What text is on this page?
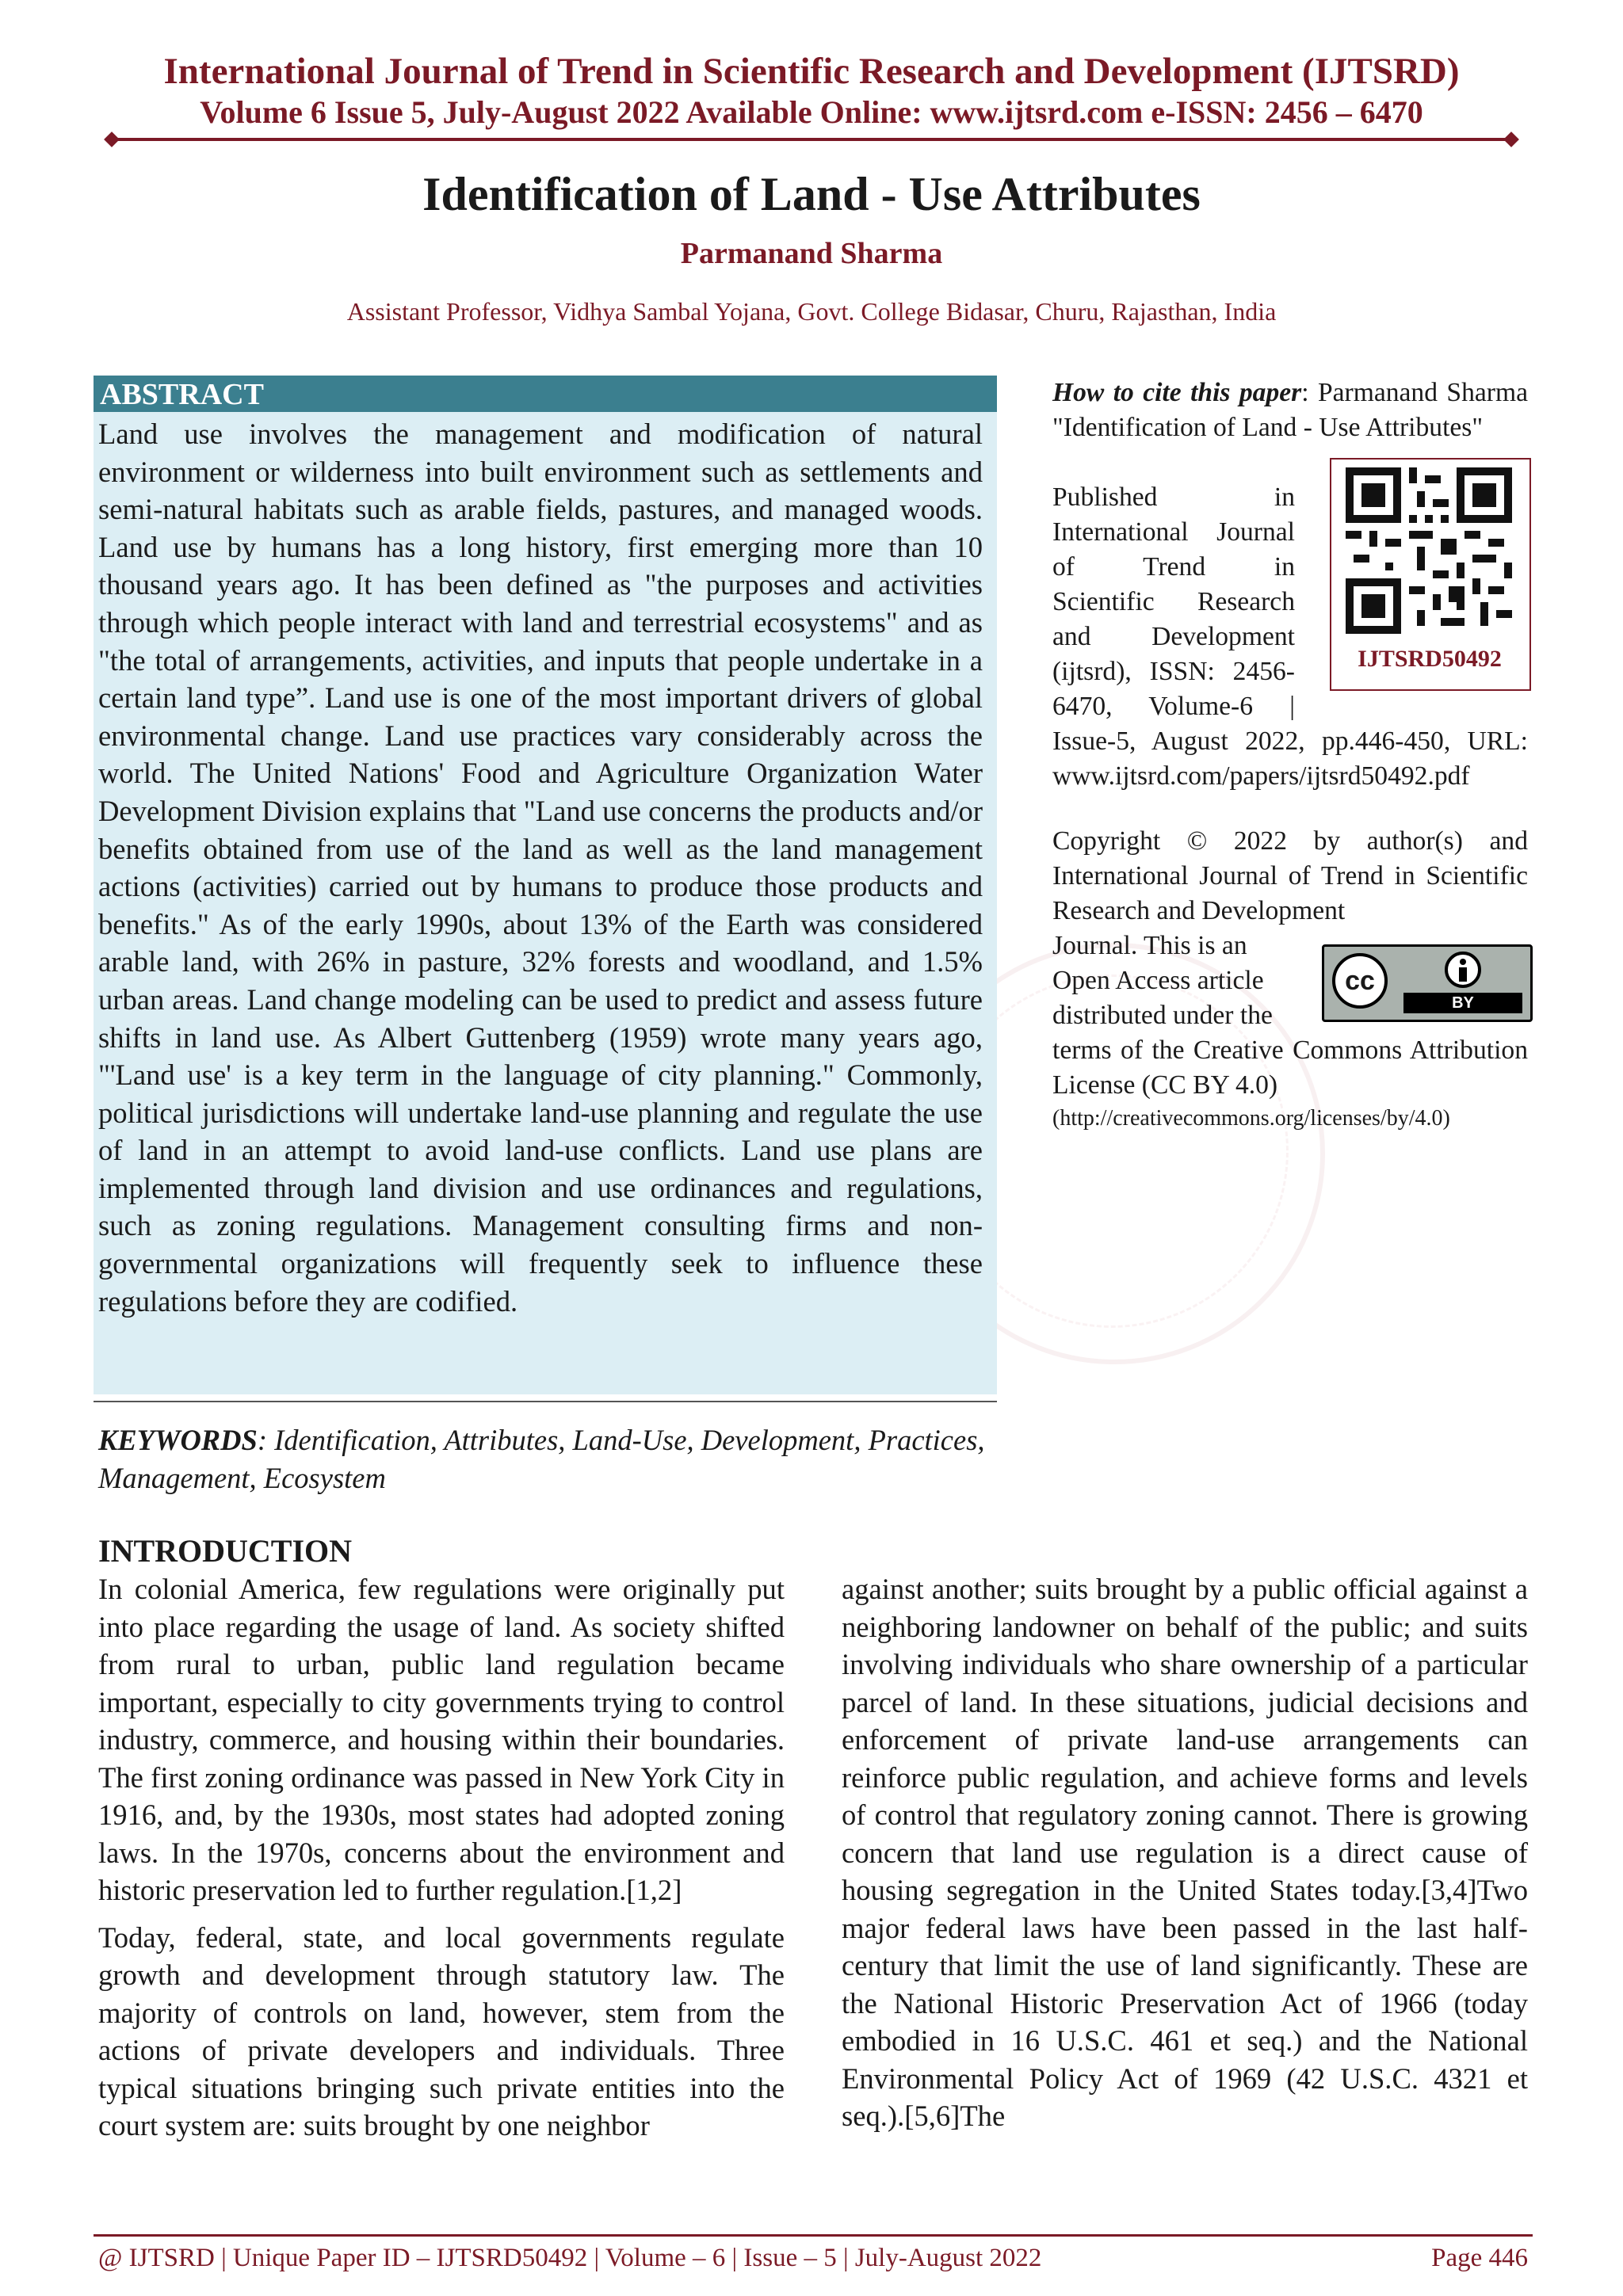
International Journal of Trend in Scientific Research and Development (IJTSRD)
Volume 6 Issue 5, July-August 2022 Available Online: www.ijtsrd.com e-ISSN: 2456 – 6470
Identification of Land - Use Attributes
Parmanand Sharma
Assistant Professor, Vidhya Sambal Yojana, Govt. College Bidasar, Churu, Rajasthan, India
ABSTRACT
Land use involves the management and modification of natural environment or wilderness into built environment such as settlements and semi-natural habitats such as arable fields, pastures, and managed woods. Land use by humans has a long history, first emerging more than 10 thousand years ago. It has been defined as "the purposes and activities through which people interact with land and terrestrial ecosystems" and as "the total of arrangements, activities, and inputs that people undertake in a certain land type”. Land use is one of the most important drivers of global environmental change. Land use practices vary considerably across the world. The United Nations' Food and Agriculture Organization Water Development Division explains that "Land use concerns the products and/or benefits obtained from use of the land as well as the land management actions (activities) carried out by humans to produce those products and benefits." As of the early 1990s, about 13% of the Earth was considered arable land, with 26% in pasture, 32% forests and woodland, and 1.5% urban areas. Land change modeling can be used to predict and assess future shifts in land use. As Albert Guttenberg (1959) wrote many years ago, "'Land use' is a key term in the language of city planning." Commonly, political jurisdictions will undertake land-use planning and regulate the use of land in an attempt to avoid land-use conflicts. Land use plans are implemented through land division and use ordinances and regulations, such as zoning regulations. Management consulting firms and non-governmental organizations will frequently seek to influence these regulations before they are codified.
KEYWORDS: Identification, Attributes, Land-Use, Development, Practices, Management, Ecosystem
How to cite this paper: Parmanand Sharma "Identification of Land - Use Attributes"
Published in
International Journal
of Trend in
Scientific Research
and Development
(ijtsrd), ISSN: 2456-
6470, Volume-6 |
Issue-5, August 2022, pp.446-450, URL: www.ijtsrd.com/papers/ijtsrd50492.pdf
IJTSRD50492
Copyright © 2022 by author(s) and International Journal of Trend in Scientific Research and Development
Journal. This is an
Open Access article
distributed under the
cc
BY
terms of the Creative Commons Attribution License (CC BY 4.0)
(http://creativecommons.org/licenses/by/4.0)
INTRODUCTION

In colonial America, few regulations were originally put into place regarding the usage of land. As society shifted from rural to urban, public land regulation became important, especially to city governments trying to control industry, commerce, and housing within their boundaries. The first zoning ordinance was passed in New York City in 1916, and, by the 1930s, most states had adopted zoning laws. In the 1970s, concerns about the environment and historic preservation led to further regulation.[1,2]

Today, federal, state, and local governments regulate growth and development through statutory law. The majority of controls on land, however, stem from the actions of private developers and individuals. Three typical situations bringing such private entities into the court system are: suits brought by one neighbor

against another; suits brought by a public official against a neighboring landowner on behalf of the public; and suits involving individuals who share ownership of a particular parcel of land. In these situations, judicial decisions and enforcement of private land-use arrangements can reinforce public regulation, and achieve forms and levels of control that regulatory zoning cannot. There is growing concern that land use regulation is a direct cause of housing segregation in the United States today.[3,4]Two major federal laws have been passed in the last half-century that limit the use of land significantly. These are the National Historic Preservation Act of 1966 (today embodied in 16 U.S.C. 461 et seq.) and the National Environmental Policy Act of 1969 (42 U.S.C. 4321 et seq.).[5,6]The

@ IJTSRD | Unique Paper ID – IJTSRD50492 | Volume – 6 | Issue – 5 | July-August 2022	Page 446
